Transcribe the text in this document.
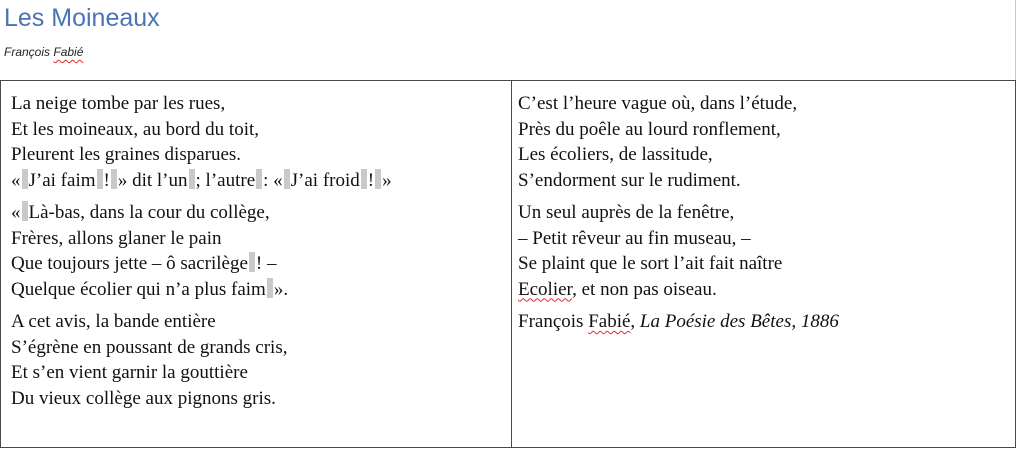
Les Moineaux
François Fabié
La neige tombe par les rues,
Et les moineaux, au bord du toit,
Pleurent les graines disparues.
« J’ai faim ! » dit l’un ; l’autre : « J’ai froid ! »
« Là-bas, dans la cour du collège,
Frères, allons glaner le pain
Que toujours jette – ô sacrilège ! –
Quelque écolier qui n’a plus faim ».
A cet avis, la bande entière
S’égrène en poussant de grands cris,
Et s’en vient garnir la gouttière
Du vieux collège aux pignons gris.
C’est l’heure vague où, dans l’étude,
Près du poêle au lourd ronflement,
Les écoliers, de lassitude,
S’endorment sur le rudiment.
Un seul auprès de la fenêtre,
– Petit rêveur au fin museau, –
Se plaint que le sort l’ait fait naître
Ecolier, et non pas oiseau.
François Fabié, La Poésie des Bêtes, 1886
